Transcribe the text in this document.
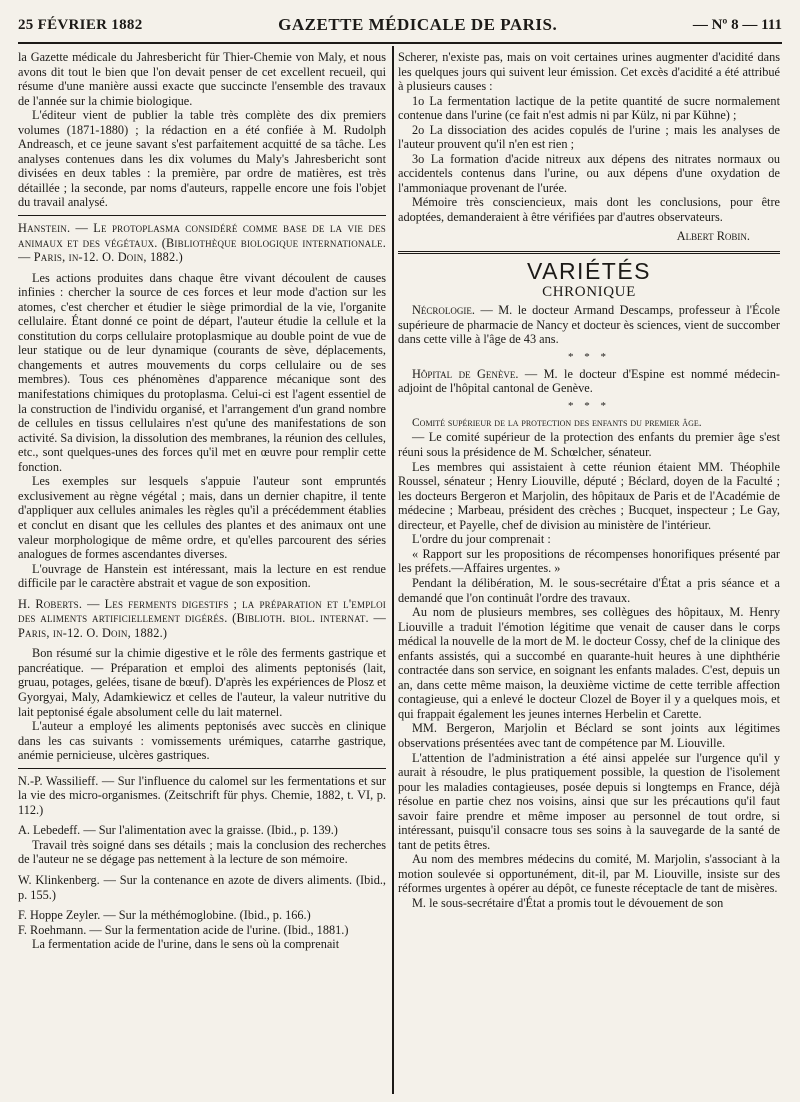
25 FÉVRIER 1882	GAZETTE MÉDICALE DE PARIS.	— Nº 8 — 111

la Gazette médicale du Jahresbericht für Thier-Chemie von Maly, et nous avons dit tout le bien que l'on devait penser de cet excellent recueil, qui résume d'une manière aussi exacte que succincte l'ensemble des travaux de l'année sur la chimie biologique.

L'éditeur vient de publier la table très complète des dix premiers volumes (1871-1880) ; la rédaction en a été confiée à M. Rudolph Andreasch, et ce jeune savant s'est parfaitement acquitté de sa tâche. Les analyses contenues dans les dix volumes du Maly's Jahresbericht sont divisées en deux tables : la première, par ordre de matières, est très détaillée ; la seconde, par noms d'auteurs, rappelle encore une fois l'objet du travail analysé.

Hanstein. — Le protoplasma considéré comme base de la vie des animaux et des végétaux. (Bibliothèque biologique internationale. — Paris, in-12. O. Doin, 1882.)

Les actions produites dans chaque être vivant découlent de causes infinies : chercher la source de ces forces et leur mode d'action sur les atomes, c'est chercher et étudier le siège primordial de la vie, l'organite cellulaire. Étant donné ce point de départ, l'auteur étudie la cellule et la constitution du corps cellulaire protoplasmique au double point de vue de leur statique ou de leur dynamique (courants de sève, déplacements, changements et autres mouvements du corps cellulaire ou de ses membres). Tous ces phénomènes d'apparence mécanique sont des manifestations chimiques du protoplasma. Celui-ci est l'agent essentiel de la construction de l'individu organisé, et l'arrangement d'un grand nombre de cellules en tissus cellulaires n'est qu'une des manifestations de son activité. Sa division, la dissolution des membranes, la réunion des cellules, etc., sont quelques-unes des forces qu'il met en œuvre pour remplir cette fonction.

Les exemples sur lesquels s'appuie l'auteur sont empruntés exclusivement au règne végétal ; mais, dans un dernier chapitre, il tente d'appliquer aux cellules animales les règles qu'il a précédemment établies et conclut en disant que les cellules des plantes et des animaux ont une valeur morphologique de même ordre, et qu'elles parcourent des séries analogues de formes ascendantes diverses.

L'ouvrage de Hanstein est intéressant, mais la lecture en est rendue difficile par le caractère abstrait et vague de son exposition.

H. Roberts. — Les ferments digestifs ; la préparation et l'emploi des aliments artificiellement digérés. (Biblioth. biol. internat. — Paris, in-12. O. Doin, 1882.)

Bon résumé sur la chimie digestive et le rôle des ferments gastrique et pancréatique. — Préparation et emploi des aliments peptonisés (lait, gruau, potages, gelées, tisane de bœuf). D'après les expériences de Plosz et Gyorgyai, Maly, Adamkiewicz et celles de l'auteur, la valeur nutritive du lait peptonisé égale absolument celle du lait maternel.

L'auteur a employé les aliments peptonisés avec succès en clinique dans les cas suivants : vomissements urémiques, catarrhe gastrique, anémie pernicieuse, ulcères gastriques.

N.-P. Wassilieff. — Sur l'influence du calomel sur les fermentations et sur la vie des micro-organismes. (Zeitschrift für phys. Chemie, 1882, t. VI, p. 112.)

A. Lebedeff. — Sur l'alimentation avec la graisse. (Ibid., p. 139.)

Travail très soigné dans ses détails ; mais la conclusion des recherches de l'auteur ne se dégage pas nettement à la lecture de son mémoire.

W. Klinkenberg. — Sur la contenance en azote de divers aliments. (Ibid., p. 155.)

F. Hoppe Zeyler. — Sur la méthémoglobine. (Ibid., p. 166.)

F. Roehmann. — Sur la fermentation acide de l'urine. (Ibid., 1881.)

La fermentation acide de l'urine, dans le sens où la comprenait

Scherer, n'existe pas, mais on voit certaines urines augmenter d'acidité dans les quelques jours qui suivent leur émission. Cet excès d'acidité a été attribué à plusieurs causes :

1o La fermentation lactique de la petite quantité de sucre normalement contenue dans l'urine (ce fait n'est admis ni par Külz, ni par Kühne) ;

2o La dissociation des acides copulés de l'urine ; mais les analyses de l'auteur prouvent qu'il n'en est rien ;

3o La formation d'acide nitreux aux dépens des nitrates normaux ou accidentels contenus dans l'urine, ou aux dépens d'une oxydation de l'ammoniaque provenant de l'urée.

Mémoire très consciencieux, mais dont les conclusions, pour être adoptées, demanderaient à être vérifiées par d'autres observateurs.

Albert Robin.
VARIÉTÉS
CHRONIQUE

Nécrologie. — M. le docteur Armand Descamps, professeur à l'École supérieure de pharmacie de Nancy et docteur ès sciences, vient de succomber dans cette ville à l'âge de 43 ans.

* * *

Hôpital de Genève. — M. le docteur d'Espine est nommé médecin-adjoint de l'hôpital cantonal de Genève.

* * *

Comité supérieur de la protection des enfants du premier âge.

— Le comité supérieur de la protection des enfants du premier âge s'est réuni sous la présidence de M. Schœlcher, sénateur.

Les membres qui assistaient à cette réunion étaient MM. Théophile Roussel, sénateur ; Henry Liouville, député ; Béclard, doyen de la Faculté ; les docteurs Bergeron et Marjolin, des hôpitaux de Paris et de l'Académie de médecine ; Marbeau, président des crèches ; Bucquet, inspecteur ; Le Gay, directeur, et Payelle, chef de division au ministère de l'intérieur.

L'ordre du jour comprenait :

« Rapport sur les propositions de récompenses honorifiques présenté par les préfets.—Affaires urgentes. »

Pendant la délibération, M. le sous-secrétaire d'État a pris séance et a demandé que l'on continuât l'ordre des travaux.

Au nom de plusieurs membres, ses collègues des hôpitaux, M. Henry Liouville a traduit l'émotion légitime que venait de causer dans le corps médical la nouvelle de la mort de M. le docteur Cossy, chef de la clinique des enfants assistés, qui a succombé en quarante-huit heures à une diphthérie contractée dans son service, en soignant les enfants malades. C'est, depuis un an, dans cette même maison, la deuxième victime de cette terrible affection contagieuse, qui a enlevé le docteur Clozel de Boyer il y a quelques mois, et qui frappait également les jeunes internes Herbelin et Carette.

MM. Bergeron, Marjolin et Béclard se sont joints aux légitimes observations présentées avec tant de compétence par M. Liouville.

L'attention de l'administration a été ainsi appelée sur l'urgence qu'il y aurait à résoudre, le plus pratiquement possible, la question de l'isolement pour les maladies contagieuses, posée depuis si longtemps en France, déjà résolue en partie chez nos voisins, ainsi que sur les précautions qu'il faut savoir faire prendre et même imposer au personnel de tout ordre, si intéressant, puisqu'il consacre tous ses soins à la sauvegarde de la santé de tant de petits êtres.

Au nom des membres médecins du comité, M. Marjolin, s'associant à la motion soulevée si opportunément, dit-il, par M. Liouville, insiste sur des réformes urgentes à opérer au dépôt, ce funeste réceptacle de tant de misères.

M. le sous-secrétaire d'État a promis tout le dévouement de son
